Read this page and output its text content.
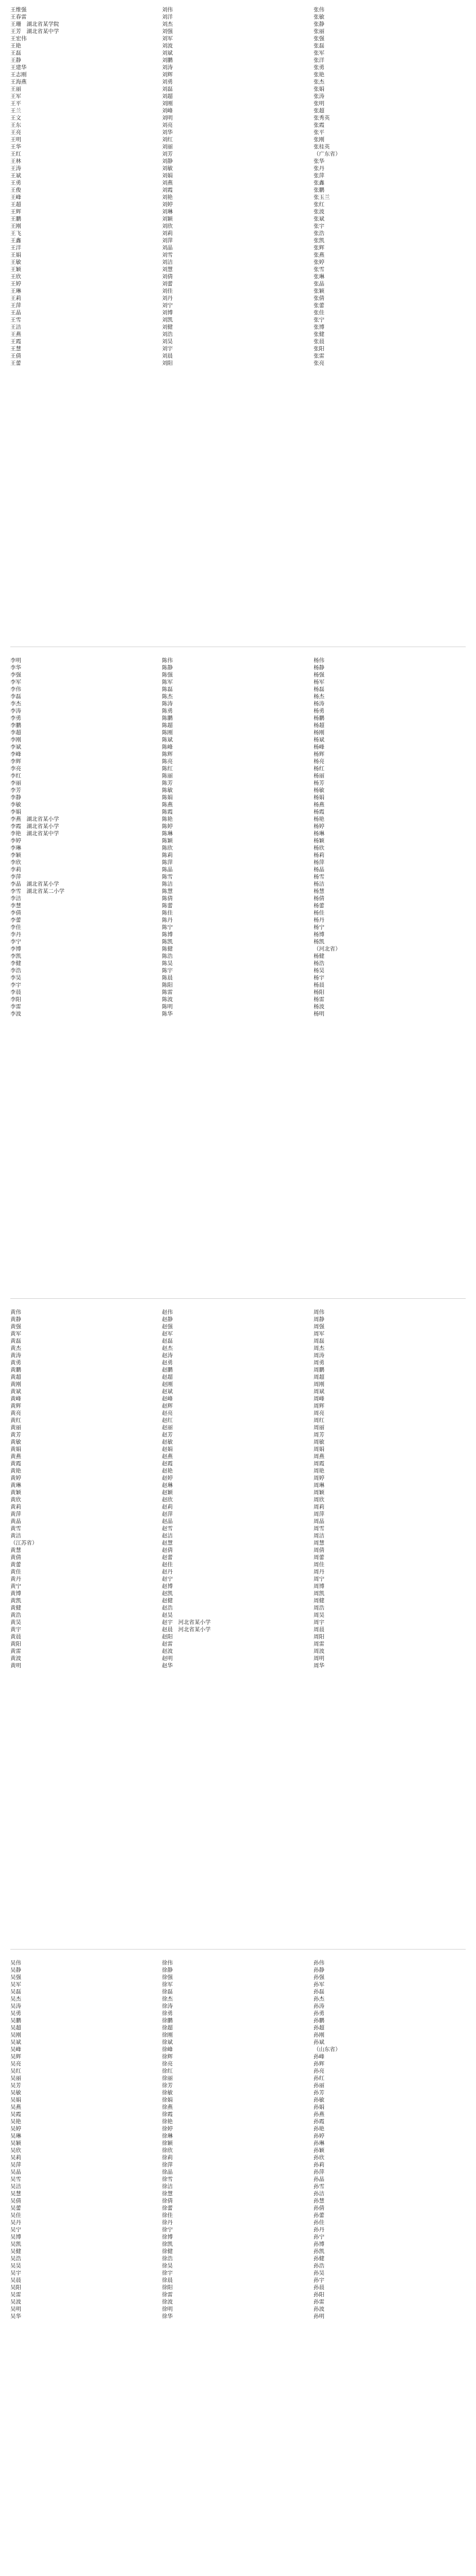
王维强
王春雷
王珊　湖北省某学院
王芳　湖北省某中学
王宏伟
王艳
王磊
王静
王建华
王志刚
王海燕
王丽
王军
王平
王兰
王文
王东
王亮
王明
王华
王红
王林
王涛
王斌
王勇
王俊
王峰
王超
王辉
王鹏
王刚
王飞
王鑫
王洋
王娟
王敏
王颖
王欣
王婷
王琳
王莉
王萍
王晶
王雪
王洁
王燕
王霞
王慧
王倩
王蕾
刘伟
刘洋
刘杰
刘强
刘军
刘波
刘斌
刘鹏
刘涛
刘辉
刘勇
刘磊
刘超
刘刚
刘峰
刘明
刘亮
刘华
刘红
刘丽
刘芳
刘静
刘敏
刘娟
刘燕
刘霞
刘艳
刘婷
刘琳
刘颖
刘欣
刘莉
刘萍
刘晶
刘雪
刘洁
刘慧
刘倩
刘蕾
刘佳
刘丹
刘宁
刘博
刘凯
刘健
刘浩
刘昊
刘宇
刘晨
刘阳
张伟
张敏
张静
张丽
张强
张磊
张军
张洋
张勇
张艳
张杰
张娟
张涛
张明
张超
张秀英
张霞
张平
张刚
张桂英
（广东省）
张华
张丹
张萍
张鑫
张鹏
张玉兰
张红
张波
张斌
张宇
张浩
张凯
张辉
张燕
张婷
张雪
张琳
张晶
张颖
张倩
张蕾
张佳
张宁
张博
张健
张晨
张阳
张雷
张亮
李明
李华
李强
李军
李伟
李磊
李杰
李涛
李勇
李鹏
李超
李刚
李斌
李峰
李辉
李亮
李红
李丽
李芳
李静
李敏
李娟
李燕　湖北省某小学
李霞　湖北省某小学
李艳　湖北省某中学
李婷
李琳
李颖
李欣
李莉
李萍
李晶　湖北省某小学
李雪　湖北省某二小学
李洁
李慧
李倩
李蕾
李佳
李丹
李宁
李博
李凯
李健
李浩
李昊
李宇
李晨
李阳
李雷
李波
陈伟
陈静
陈强
陈军
陈磊
陈杰
陈涛
陈勇
陈鹏
陈超
陈刚
陈斌
陈峰
陈辉
陈亮
陈红
陈丽
陈芳
陈敏
陈娟
陈燕
陈霞
陈艳
陈婷
陈琳
陈颖
陈欣
陈莉
陈萍
陈晶
陈雪
陈洁
陈慧
陈倩
陈蕾
陈佳
陈丹
陈宁
陈博
陈凯
陈健
陈浩
陈昊
陈宇
陈晨
陈阳
陈雷
陈波
陈明
陈华
杨伟
杨静
杨强
杨军
杨磊
杨杰
杨涛
杨勇
杨鹏
杨超
杨刚
杨斌
杨峰
杨辉
杨亮
杨红
杨丽
杨芳
杨敏
杨娟
杨燕
杨霞
杨艳
杨婷
杨琳
杨颖
杨欣
杨莉
杨萍
杨晶
杨雪
杨洁
杨慧
杨倩
杨蕾
杨佳
杨丹
杨宁
杨博
杨凯
（河北省）
杨健
杨浩
杨昊
杨宇
杨晨
杨阳
杨雷
杨波
杨明
黄伟
黄静
黄强
黄军
黄磊
黄杰
黄涛
黄勇
黄鹏
黄超
黄刚
黄斌
黄峰
黄辉
黄亮
黄红
黄丽
黄芳
黄敏
黄娟
黄燕
黄霞
黄艳
黄婷
黄琳
黄颖
黄欣
黄莉
黄萍
黄晶
黄雪
黄洁
（江苏省）
黄慧
黄倩
黄蕾
黄佳
黄丹
黄宁
黄博
黄凯
黄健
黄浩
黄昊
黄宇
黄晨
黄阳
黄雷
黄波
黄明
赵伟
赵静
赵强
赵军
赵磊
赵杰
赵涛
赵勇
赵鹏
赵超
赵刚
赵斌
赵峰
赵辉
赵亮
赵红
赵丽
赵芳
赵敏
赵娟
赵燕
赵霞
赵艳
赵婷
赵琳
赵颖
赵欣
赵莉
赵萍
赵晶
赵雪
赵洁
赵慧
赵倩
赵蕾
赵佳
赵丹
赵宁
赵博
赵凯
赵健
赵浩
赵昊
赵宇　河北省某小学
赵晨　河北省某小学
赵阳
赵雷
赵波
赵明
赵华
周伟
周静
周强
周军
周磊
周杰
周涛
周勇
周鹏
周超
周刚
周斌
周峰
周辉
周亮
周红
周丽
周芳
周敏
周娟
周燕
周霞
周艳
周婷
周琳
周颖
周欣
周莉
周萍
周晶
周雪
周洁
周慧
周倩
周蕾
周佳
周丹
周宁
周博
周凯
周健
周浩
周昊
周宇
周晨
周阳
周雷
周波
周明
周华
吴伟
吴静
吴强
吴军
吴磊
吴杰
吴涛
吴勇
吴鹏
吴超
吴刚
吴斌
吴峰
吴辉
吴亮
吴红
吴丽
吴芳
吴敏
吴娟
吴燕
吴霞
吴艳
吴婷
吴琳
吴颖
吴欣
吴莉
吴萍
吴晶
吴雪
吴洁
吴慧
吴倩
吴蕾
吴佳
吴丹
吴宁
吴博
吴凯
吴健
吴浩
吴昊
吴宇
吴晨
吴阳
吴雷
吴波
吴明
吴华
徐伟
徐静
徐强
徐军
徐磊
徐杰
徐涛
徐勇
徐鹏
徐超
徐刚
徐斌
徐峰
徐辉
徐亮
徐红
徐丽
徐芳
徐敏
徐娟
徐燕
徐霞
徐艳
徐婷
徐琳
徐颖
徐欣
徐莉
徐萍
徐晶
徐雪
徐洁
徐慧
徐倩
徐蕾
徐佳
徐丹
徐宁
徐博
徐凯
徐健
徐浩
徐昊
徐宇
徐晨
徐阳
徐雷
徐波
徐明
徐华
孙伟
孙静
孙强
孙军
孙磊
孙杰
孙涛
孙勇
孙鹏
孙超
孙刚
孙斌
（山东省）
孙峰
孙辉
孙亮
孙红
孙丽
孙芳
孙敏
孙娟
孙燕
孙霞
孙艳
孙婷
孙琳
孙颖
孙欣
孙莉
孙萍
孙晶
孙雪
孙洁
孙慧
孙倩
孙蕾
孙佳
孙丹
孙宁
孙博
孙凯
孙健
孙浩
孙昊
孙宇
孙晨
孙阳
孙雷
孙波
孙明
